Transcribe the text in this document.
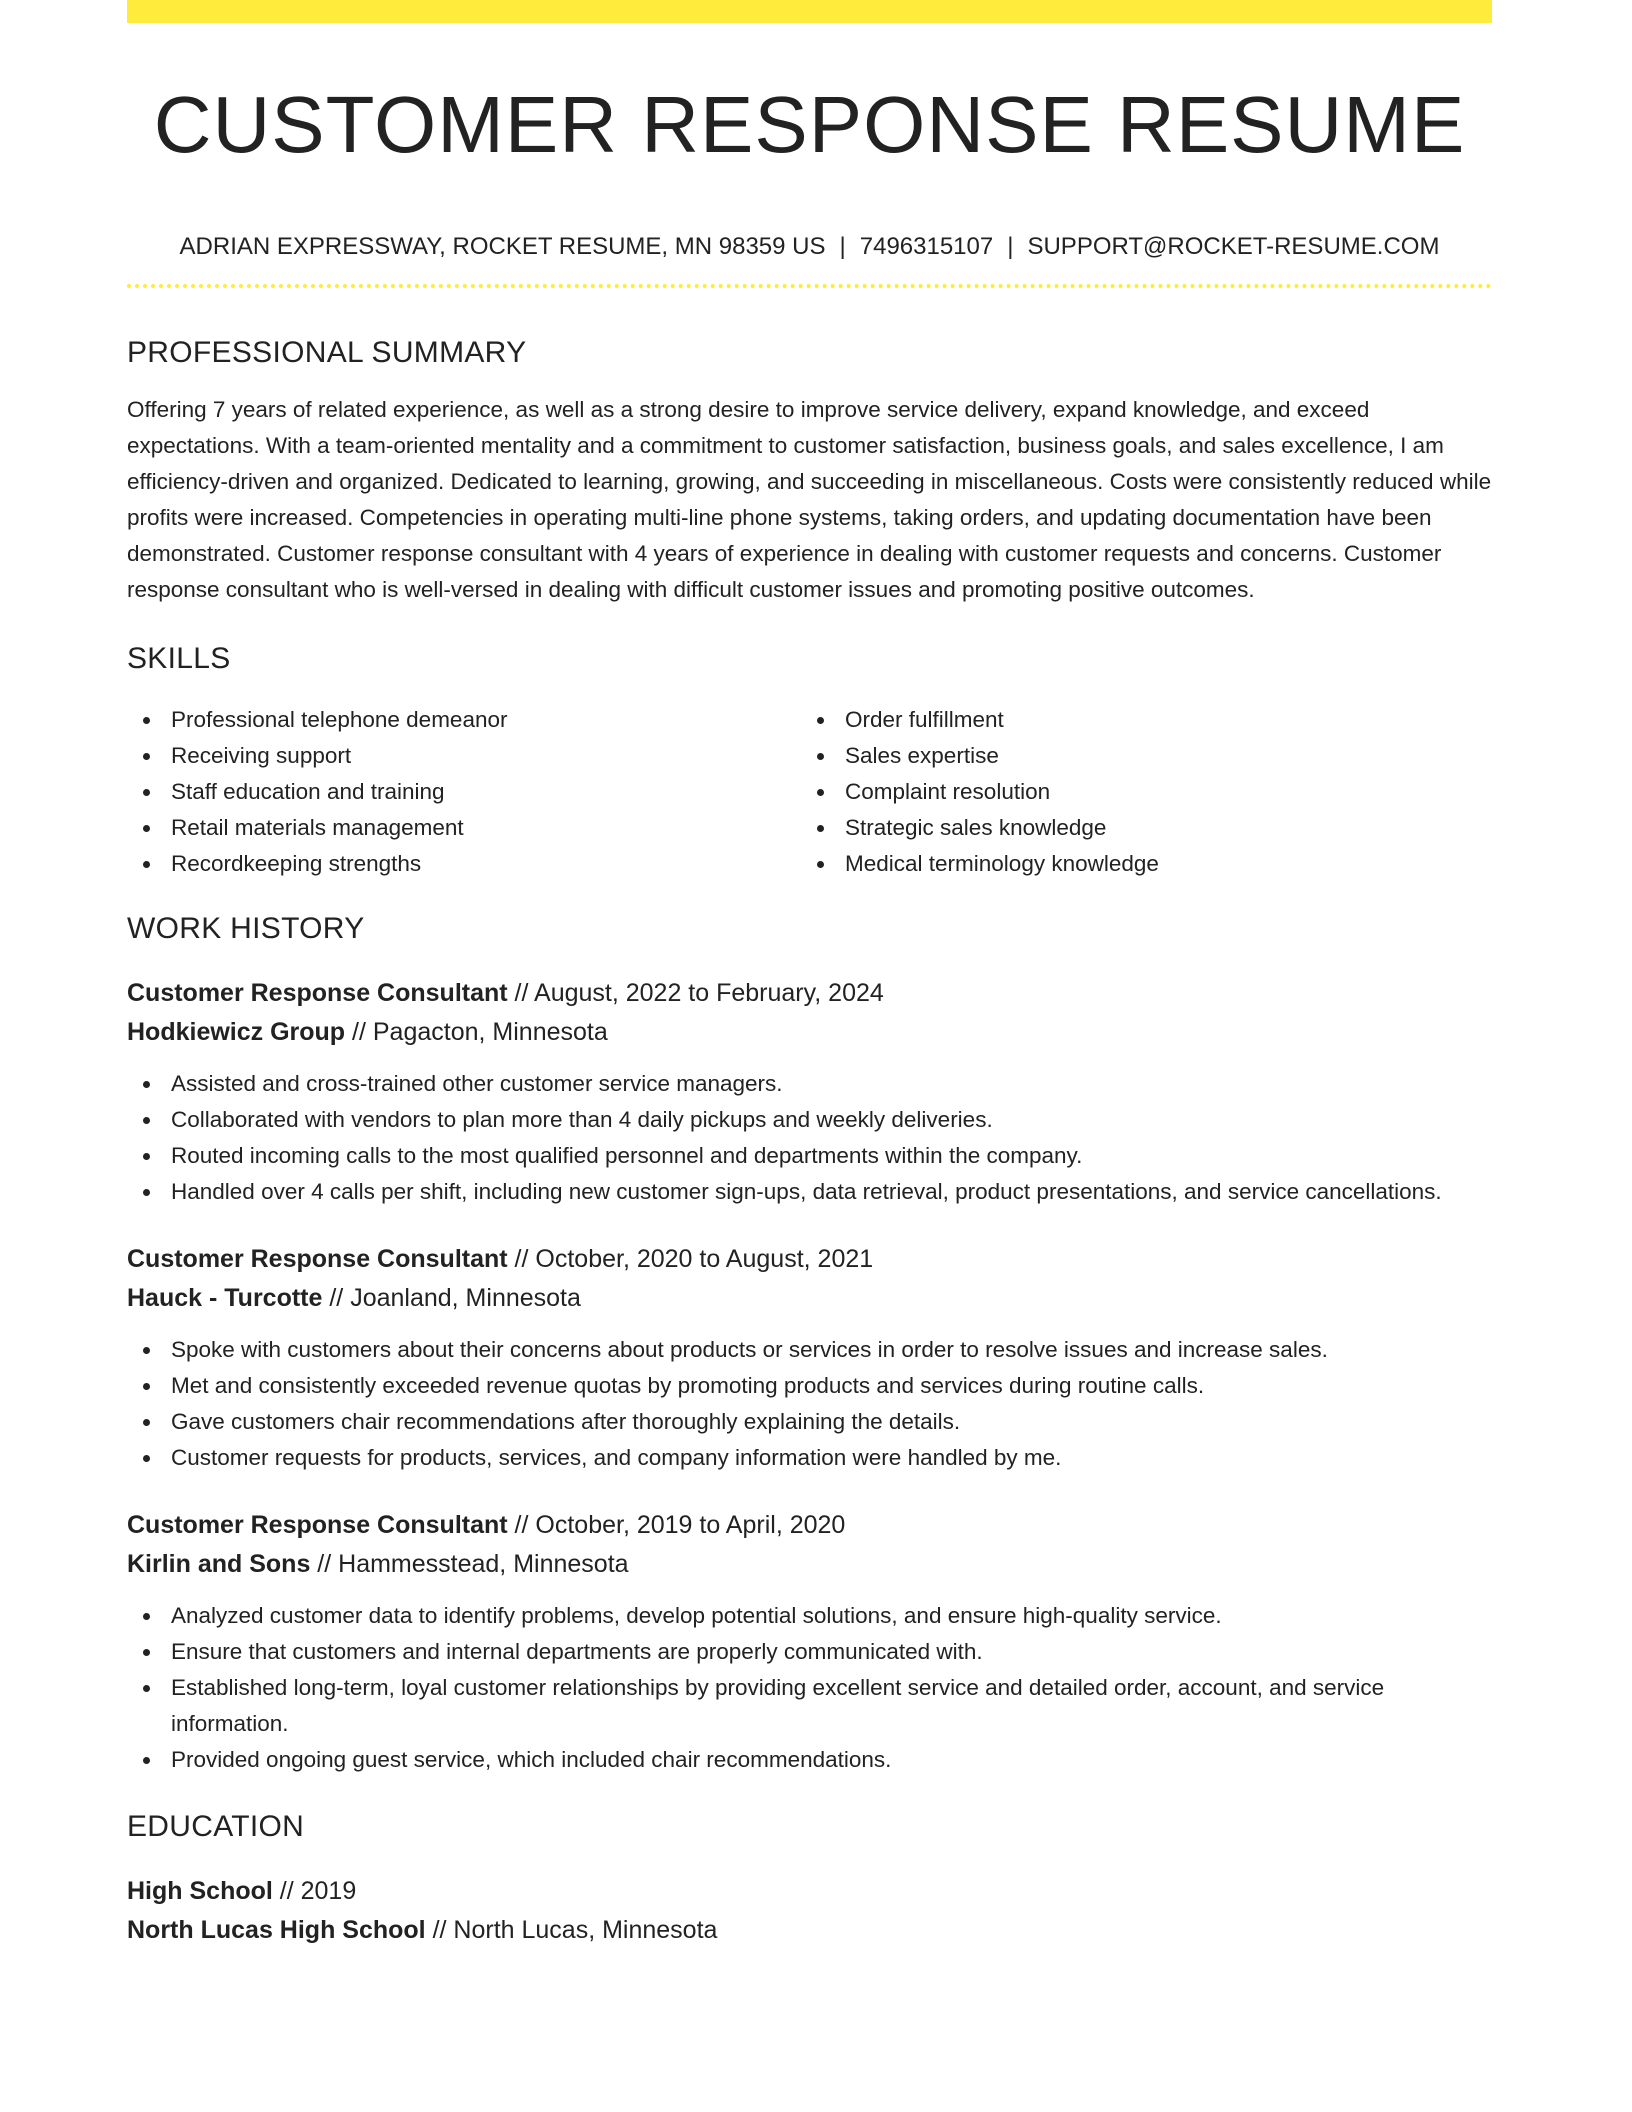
CUSTOMER RESPONSE RESUME
ADRIAN EXPRESSWAY, ROCKET RESUME, MN 98359 US | 7496315107 | SUPPORT@ROCKET-RESUME.COM
PROFESSIONAL SUMMARY

Offering 7 years of related experience, as well as a strong desire to improve service delivery, expand knowledge, and exceed expectations. With a team-oriented mentality and a commitment to customer satisfaction, business goals, and sales excellence, I am efficiency-driven and organized. Dedicated to learning, growing, and succeeding in miscellaneous. Costs were consistently reduced while profits were increased. Competencies in operating multi-line phone systems, taking orders, and updating documentation have been demonstrated. Customer response consultant with 4 years of experience in dealing with customer requests and concerns. Customer response consultant who is well-versed in dealing with difficult customer issues and promoting positive outcomes.

SKILLS
Professional telephone demeanor
Receiving support
Staff education and training
Retail materials management
Recordkeeping strengths
Order fulfillment
Sales expertise
Complaint resolution
Strategic sales knowledge
Medical terminology knowledge
WORK HISTORY
Customer Response Consultant // August, 2022 to February, 2024
Hodkiewicz Group // Pagacton, Minnesota
Assisted and cross-trained other customer service managers.
Collaborated with vendors to plan more than 4 daily pickups and weekly deliveries.
Routed incoming calls to the most qualified personnel and departments within the company.
Handled over 4 calls per shift, including new customer sign-ups, data retrieval, product presentations, and service cancellations.
Customer Response Consultant // October, 2020 to August, 2021
Hauck - Turcotte // Joanland, Minnesota
Spoke with customers about their concerns about products or services in order to resolve issues and increase sales.
Met and consistently exceeded revenue quotas by promoting products and services during routine calls.
Gave customers chair recommendations after thoroughly explaining the details.
Customer requests for products, services, and company information were handled by me.
Customer Response Consultant // October, 2019 to April, 2020
Kirlin and Sons // Hammesstead, Minnesota
Analyzed customer data to identify problems, develop potential solutions, and ensure high-quality service.
Ensure that customers and internal departments are properly communicated with.
Established long-term, loyal customer relationships by providing excellent service and detailed order, account, and service information.
Provided ongoing guest service, which included chair recommendations.
EDUCATION
High School // 2019
North Lucas High School // North Lucas, Minnesota
